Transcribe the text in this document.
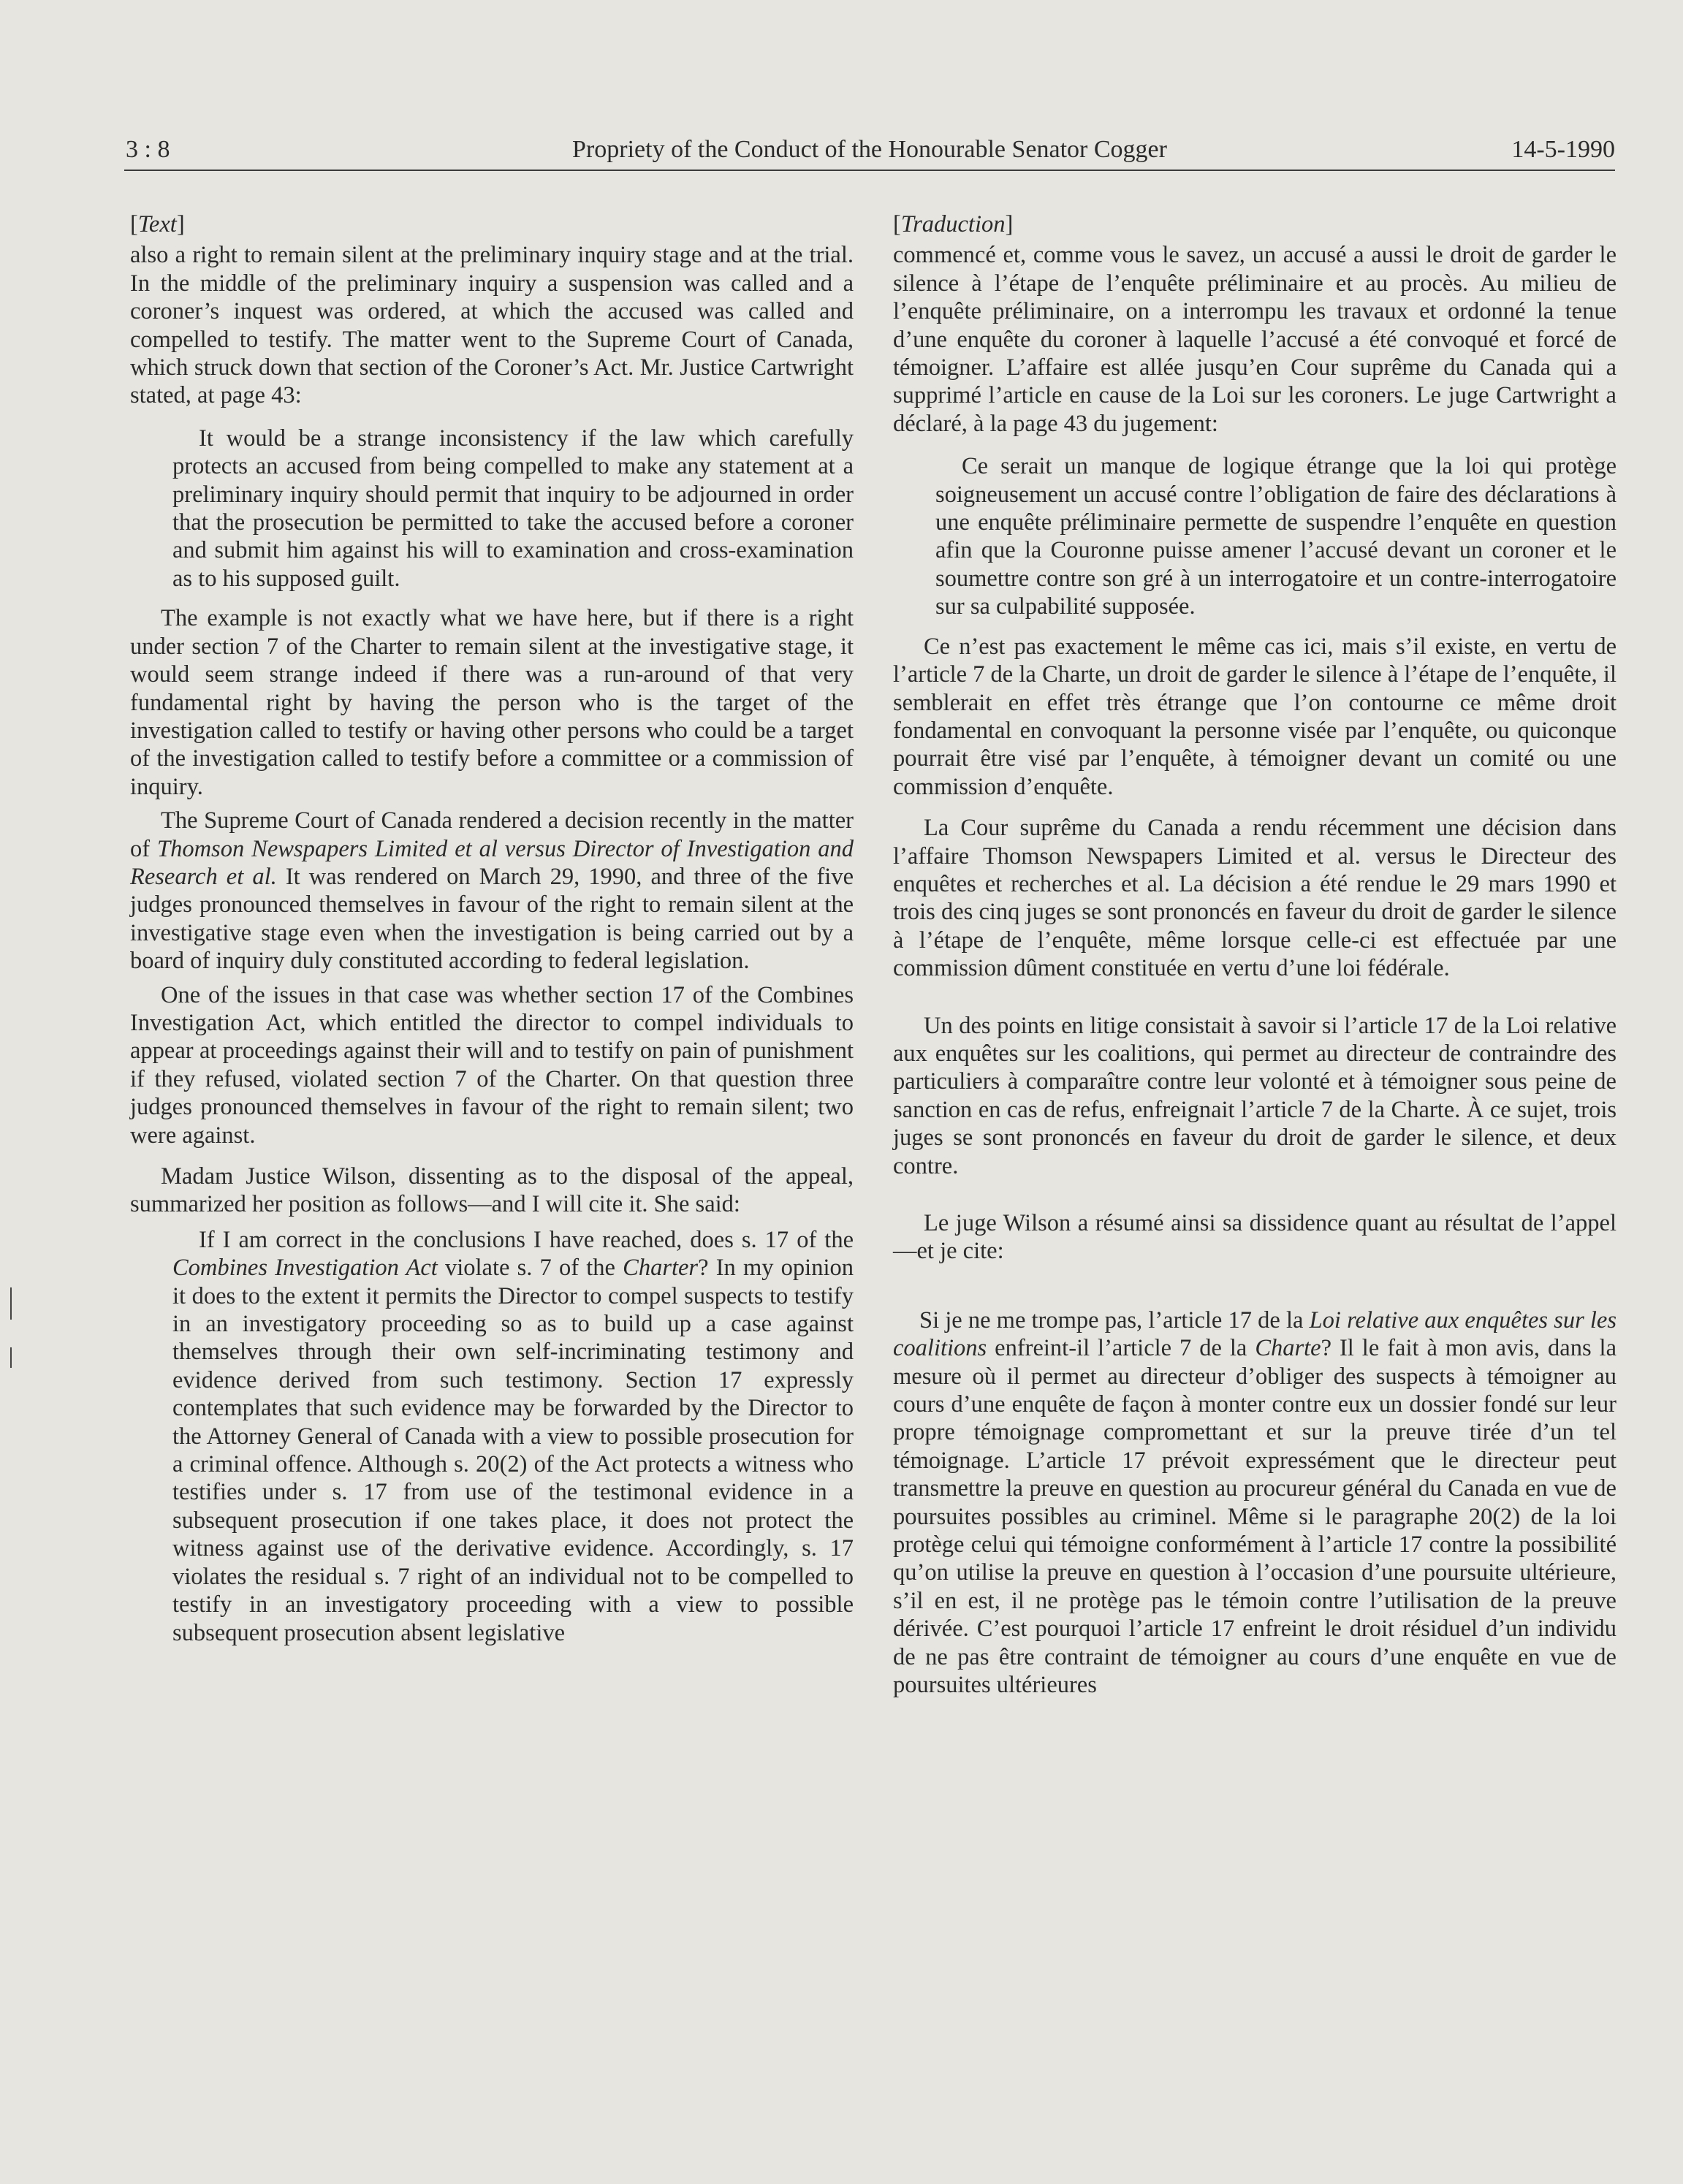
3 : 8	Propriety of the Conduct of the Honourable Senator Cogger	14-5-1990
[Text]

also a right to remain silent at the preliminary inquiry stage and at the trial. In the middle of the preliminary inquiry a suspension was called and a coroner’s inquest was ordered, at which the accused was called and compelled to testify. The matter went to the Supreme Court of Canada, which struck down that section of the Coroner’s Act. Mr. Justice Cartwright stated, at page 43:

It would be a strange inconsistency if the law which carefully protects an accused from being compelled to make any statement at a preliminary inquiry should permit that inquiry to be adjourned in order that the prosecution be permitted to take the accused before a coroner and submit him against his will to examination and cross-examination as to his supposed guilt.

The example is not exactly what we have here, but if there is a right under section 7 of the Charter to remain silent at the investigative stage, it would seem strange indeed if there was a run-around of that very fundamental right by having the person who is the target of the investigation called to testify or having other persons who could be a target of the investigation called to testify before a committee or a commission of inquiry.

The Supreme Court of Canada rendered a decision recently in the matter of Thomson Newspapers Limited et al versus Director of Investigation and Research et al. It was rendered on March 29, 1990, and three of the five judges pronounced themselves in favour of the right to remain silent at the investigative stage even when the investigation is being carried out by a board of inquiry duly constituted according to federal legislation.

One of the issues in that case was whether section 17 of the Combines Investigation Act, which entitled the director to compel individuals to appear at proceedings against their will and to testify on pain of punishment if they refused, violated section 7 of the Charter. On that question three judges pronounced themselves in favour of the right to remain silent; two were against.

Madam Justice Wilson, dissenting as to the disposal of the appeal, summarized her position as follows—and I will cite it. She said:

If I am correct in the conclusions I have reached, does s. 17 of the Combines Investigation Act violate s. 7 of the Charter? In my opinion it does to the extent it permits the Director to compel suspects to testify in an investigatory proceeding so as to build up a case against themselves through their own self-incriminating testimony and evidence derived from such testimony. Section 17 expressly contemplates that such evidence may be forwarded by the Director to the Attorney General of Canada with a view to possible prosecution for a criminal offence. Although s. 20(2) of the Act protects a witness who testifies under s. 17 from use of the testimonal evidence in a subsequent prosecution if one takes place, it does not protect the witness against use of the derivative evidence. Accordingly, s. 17 violates the residual s. 7 right of an individual not to be compelled to testify in an investigatory proceeding with a view to possible subsequent prosecution absent legislative

[Traduction]

commencé et, comme vous le savez, un accusé a aussi le droit de garder le silence à l’étape de l’enquête préliminaire et au procès. Au milieu de l’enquête préliminaire, on a interrompu les travaux et ordonné la tenue d’une enquête du coroner à laquelle l’accusé a été convoqué et forcé de témoigner. L’affaire est allée jusqu’en Cour suprême du Canada qui a supprimé l’article en cause de la Loi sur les coroners. Le juge Cartwright a déclaré, à la page 43 du jugement:

Ce serait un manque de logique étrange que la loi qui protège soigneusement un accusé contre l’obligation de faire des déclarations à une enquête préliminaire permette de suspendre l’enquête en question afin que la Couronne puisse amener l’accusé devant un coroner et le soumettre contre son gré à un interrogatoire et un contre-interrogatoire sur sa culpabilité supposée.

Ce n’est pas exactement le même cas ici, mais s’il existe, en vertu de l’article 7 de la Charte, un droit de garder le silence à l’étape de l’enquête, il semblerait en effet très étrange que l’on contourne ce même droit fondamental en convoquant la personne visée par l’enquête, ou quiconque pourrait être visé par l’enquête, à témoigner devant un comité ou une commission d’enquête.

La Cour suprême du Canada a rendu récemment une décision dans l’affaire Thomson Newspapers Limited et al. versus le Directeur des enquêtes et recherches et al. La décision a été rendue le 29 mars 1990 et trois des cinq juges se sont prononcés en faveur du droit de garder le silence à l’étape de l’enquête, même lorsque celle-ci est effectuée par une commission dûment constituée en vertu d’une loi fédérale.

Un des points en litige consistait à savoir si l’article 17 de la Loi relative aux enquêtes sur les coalitions, qui permet au directeur de contraindre des particuliers à comparaître contre leur volonté et à témoigner sous peine de sanction en cas de refus, enfreignait l’article 7 de la Charte. À ce sujet, trois juges se sont prononcés en faveur du droit de garder le silence, et deux contre.

Le juge Wilson a résumé ainsi sa dissidence quant au résultat de l’appel—et je cite:

Si je ne me trompe pas, l’article 17 de la Loi relative aux enquêtes sur les coalitions enfreint-il l’article 7 de la Charte? Il le fait à mon avis, dans la mesure où il permet au directeur d’obliger des suspects à témoigner au cours d’une enquête de façon à monter contre eux un dossier fondé sur leur propre témoignage compromettant et sur la preuve tirée d’un tel témoignage. L’article 17 prévoit expressément que le directeur peut transmettre la preuve en question au procureur général du Canada en vue de poursuites possibles au criminel. Même si le paragraphe 20(2) de la loi protège celui qui témoigne conformément à l’article 17 contre la possibilité qu’on utilise la preuve en question à l’occasion d’une poursuite ultérieure, s’il en est, il ne protège pas le témoin contre l’utilisation de la preuve dérivée. C’est pourquoi l’article 17 enfreint le droit résiduel d’un individu de ne pas être contraint de témoigner au cours d’une enquête en vue de poursuites ultérieures
